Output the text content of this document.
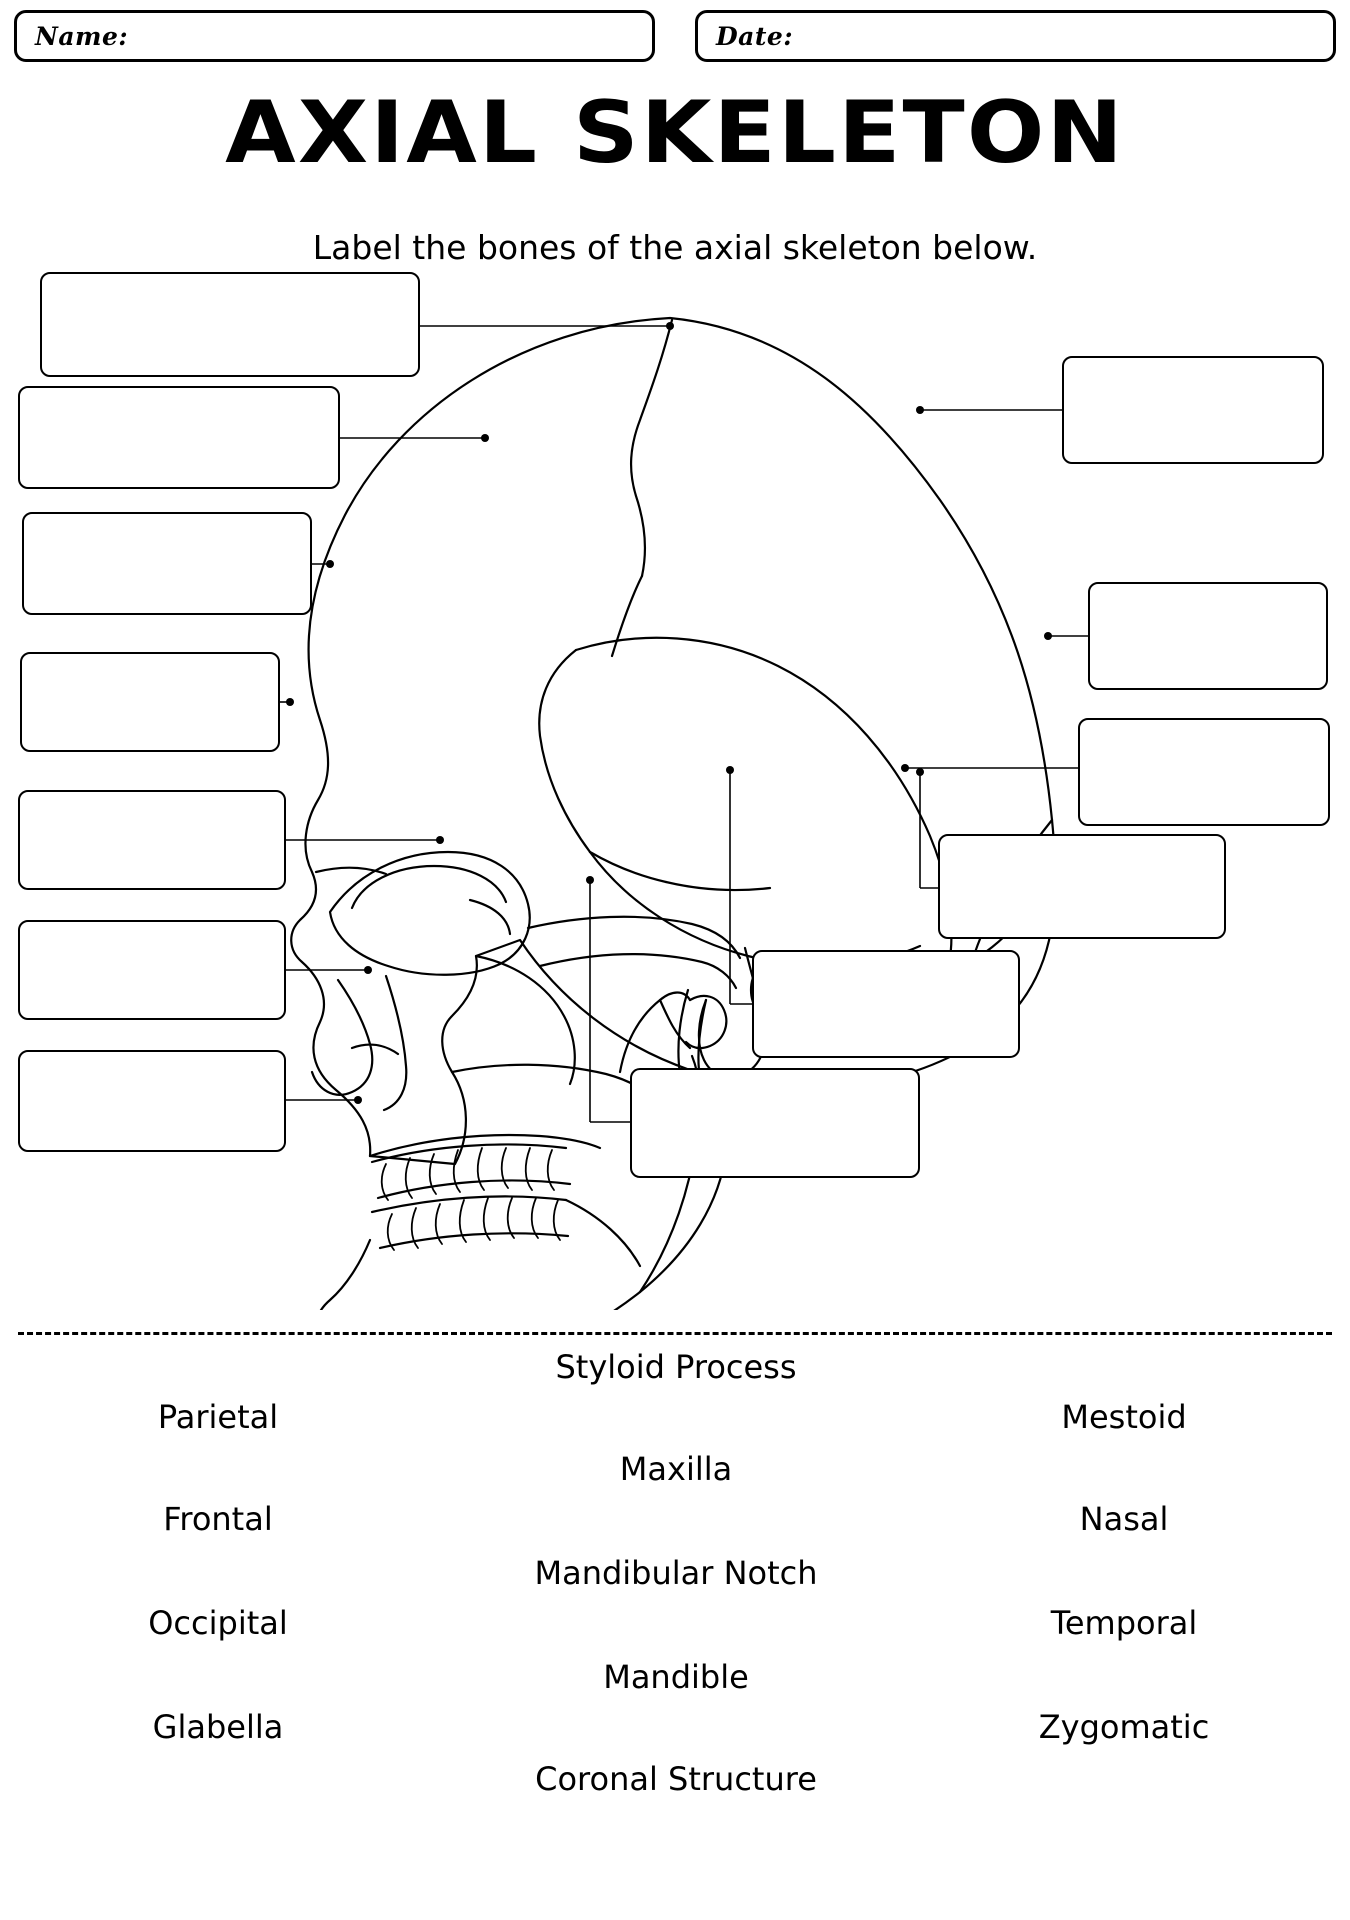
Name:	Date:
AXIAL SKELETON
Label the bones of the axial skeleton below.
Parietal
Frontal
Occipital
Glabella
Styloid Process
Maxilla
Mandibular Notch
Mandible
Coronal Structure
Mestoid
Nasal
Temporal
Zygomatic
